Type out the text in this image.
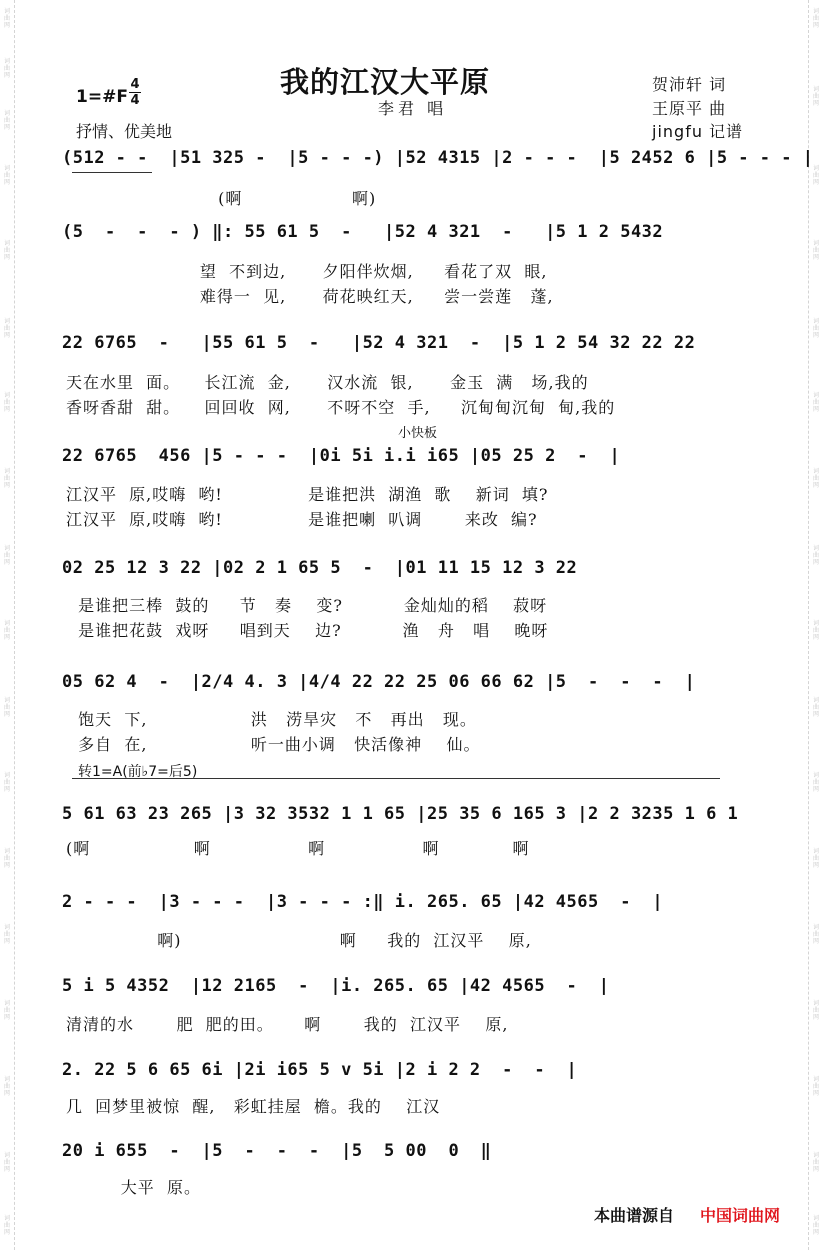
词曲网
词曲网
词曲网
词曲网
词曲网
词曲网
词曲网
词曲网
词曲网
词曲网
词曲网
词曲网
词曲网
词曲网
词曲网
词曲网
词曲网
词曲网
词曲网
词曲网
词曲网
词曲网
词曲网
词曲网
词曲网
词曲网
词曲网
词曲网
词曲网
词曲网
词曲网
词曲网
词曲网
词曲网
词曲网
我的江汉大平原
李君 唱
贺沛轩 词
王原平 曲
jingfu 记谱
1=#F
4
4
抒情、优美地
(512 - -  |51 325 -  |5 - - -) |52 4315 |2 - - -  |5 2452 6 |5 - - - |
(啊                  啊)
(5  -  -  - ) ‖: 55 61 5  -   |52 4 321  -   |5 1 2 5432
望  不到边,      夕阳伴炊烟,     看花了双  眼,
难得一  见,      荷花映红天,     尝一尝莲   蓬,
22 6765  -   |55 61 5  -   |52 4 321  -  |5 1 2 54 32 22 22
天在水里  面。    长江流  金,      汉水流  银,      金玉  满   场,我的
香呀香甜  甜。    回回收  网,      不呀不空  手,     沉甸甸沉甸  甸,我的
小快板
22 6765  456 |5 - - -  |0i 5i i.i i65 |05 25 2  -  |
江汉平  原,哎嗨  哟!              是谁把洪  湖渔  歌    新词  填?
江汉平  原,哎嗨  哟!              是谁把喇  叭调       来改  编?
02 25 12 3 22 |02 2 1 65 5  -  |01 11 15 12 3 22
是谁把三棒  鼓的     节   奏    变?          金灿灿的稻    菽呀
是谁把花鼓  戏呀     唱到天    边?          渔   舟   唱    晚呀
05 62 4  -  |2/4 4. 3 |4/4 22 22 25 06 66 62 |5  -  -  -  |
饱天  下,                 洪   涝旱灾   不   再出   现。
多自  在,                 听一曲小调   快活像神    仙。
转1=A(前♭7=后5)
5 61 63 23 265 |3 32 3532 1 1 65 |25 35 6 165 3 |2 2 3235 1 6 1
(啊                 啊                啊                啊            啊
2 - - -  |3 - - -  |3 - - - :‖ i. 265. 65 |42 4565  -  |
啊)                          啊     我的  江汉平    原,
5 i 5 4352  |12 2165  -  |i. 265. 65 |42 4565  -  |
清清的水       肥  肥的田。     啊       我的  江汉平    原,
2. 22 5 6 65 6i |2i i65 5 v 5i |2 i 2 2  -  -  |
几  回梦里被惊  醒,   彩虹挂屋  檐。我的    江汉
20 i 655  -  |5  -  -  -  |5  5 00  0  ‖
大平  原。
本曲谱源自 中国词曲网
